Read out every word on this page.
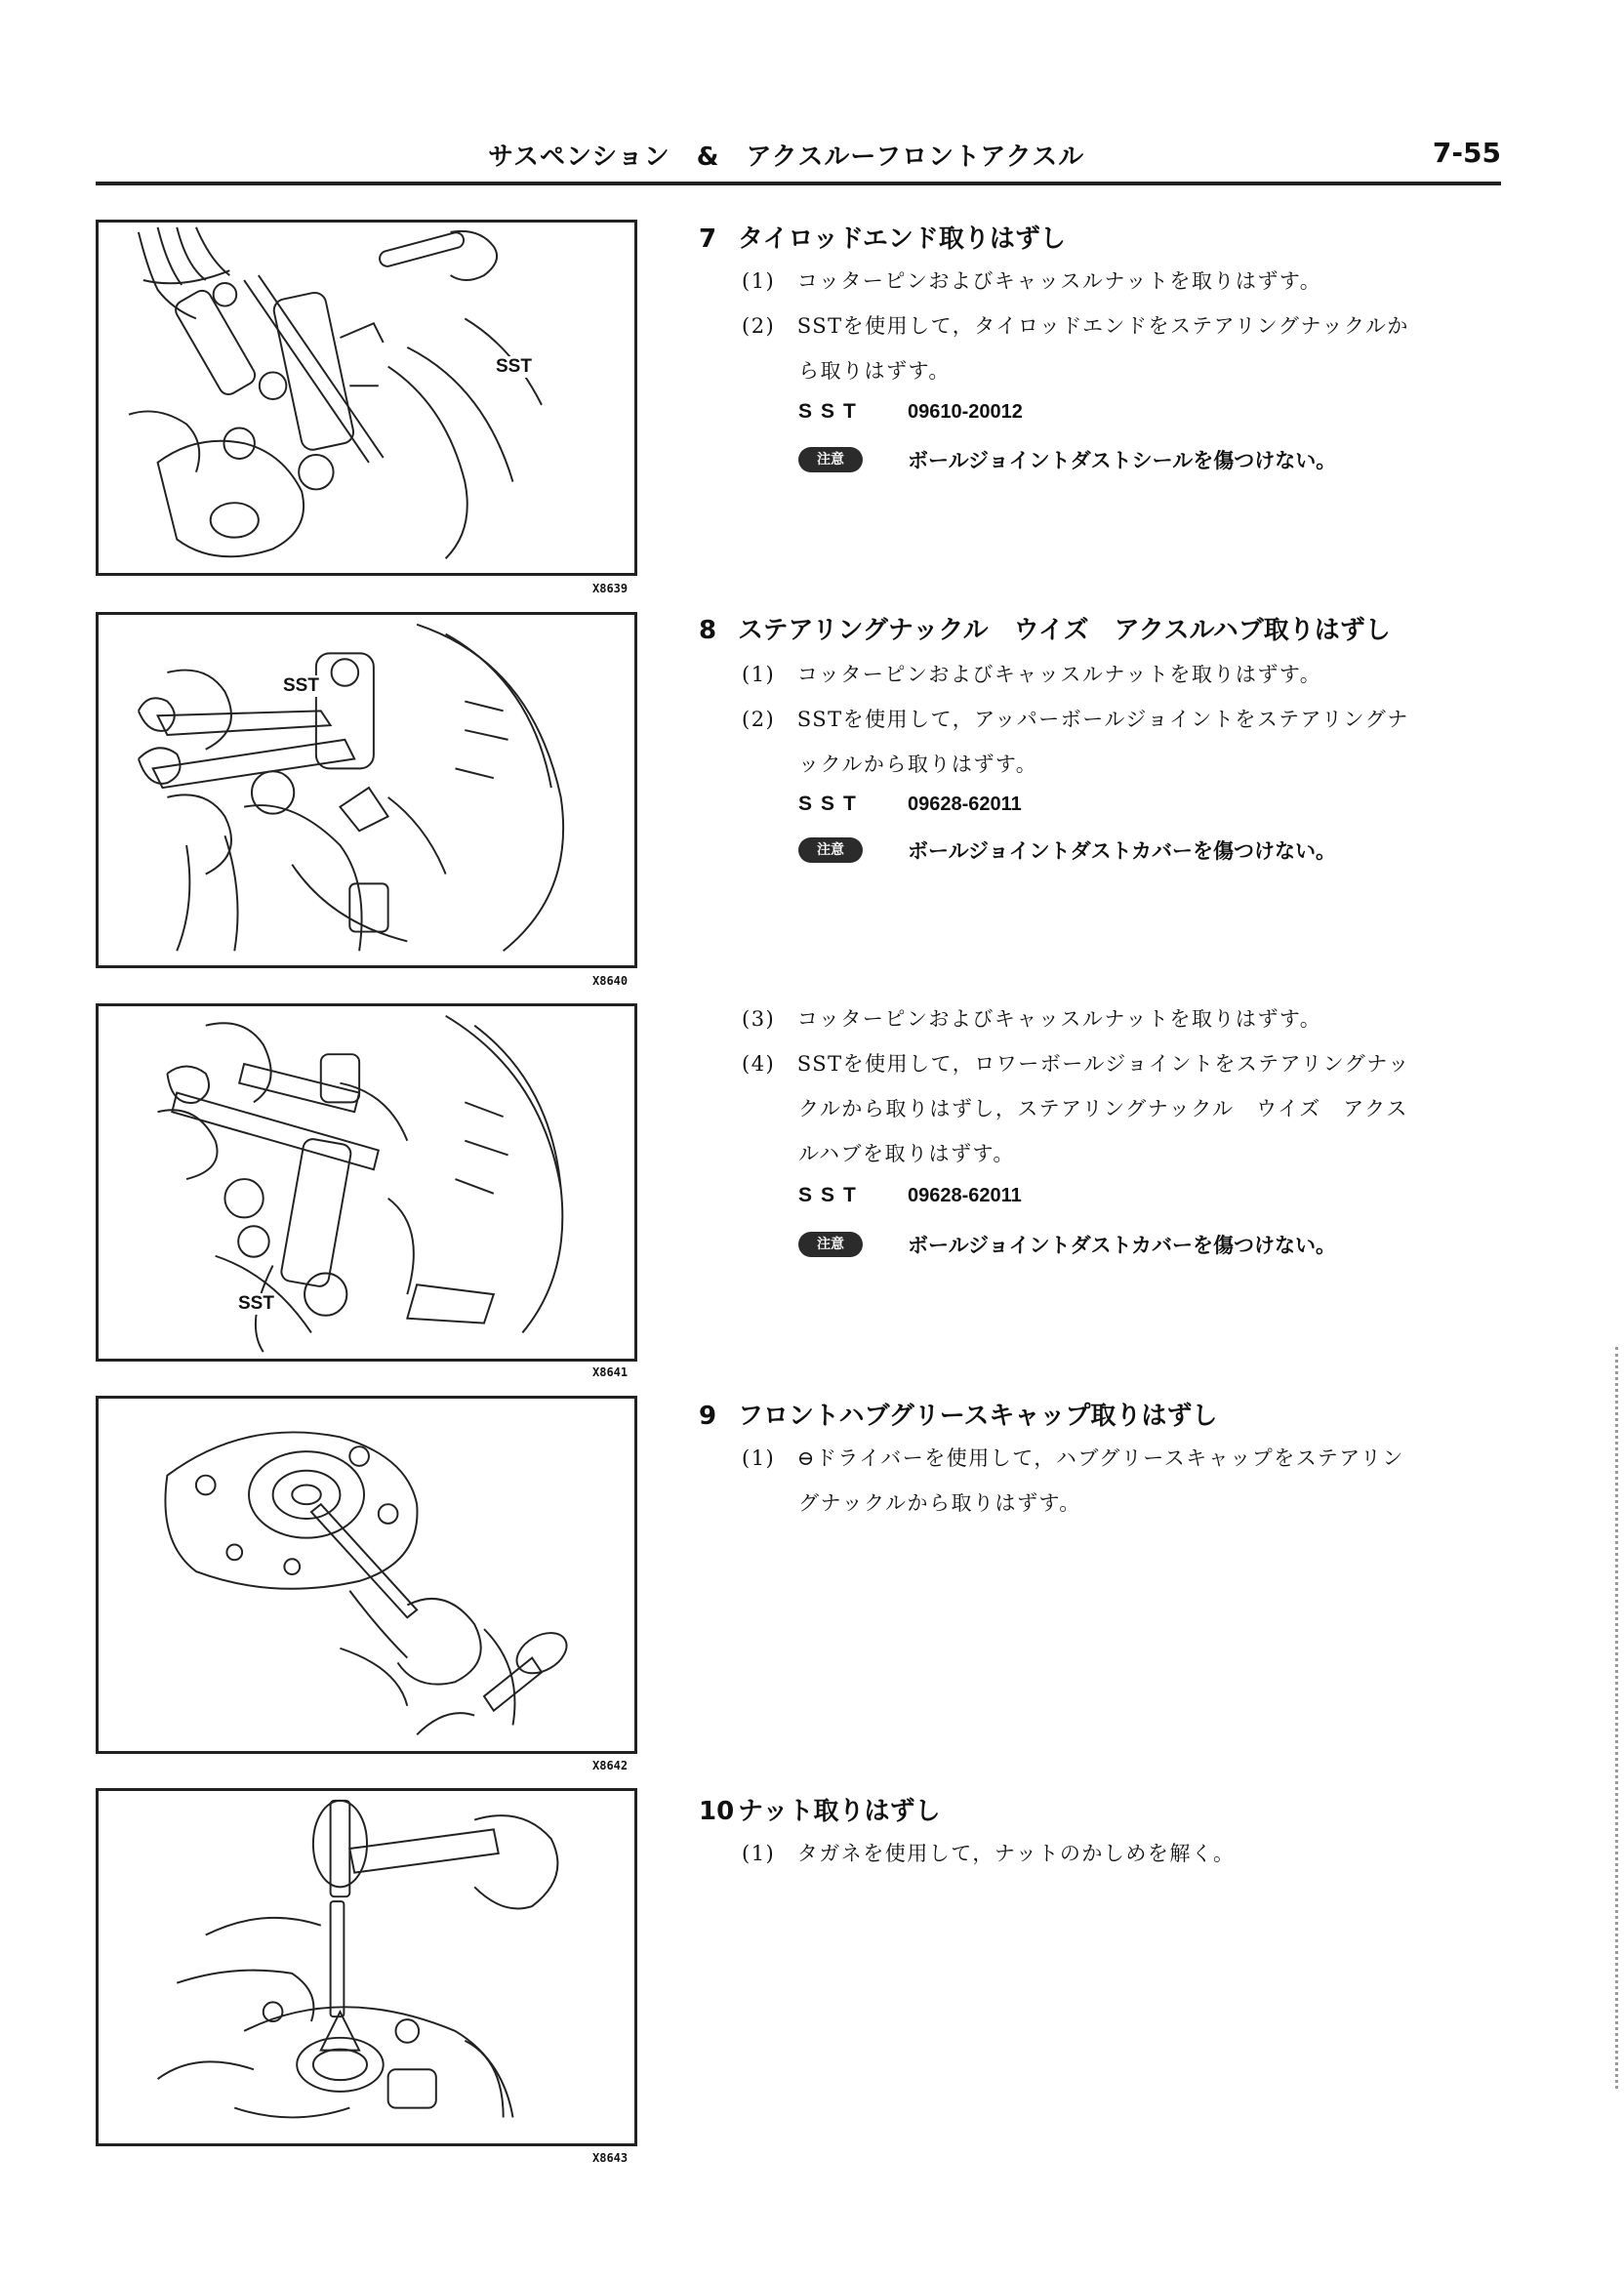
サスペンション　&　アクスルーフロントアクスル	7-55
SST
X8639
SST
X8640
SST
X8641
X8642
X8643
7 タイロッドエンド取りはずし
(1)　コッターピンおよびキャッスルナットを取りはずす。
(2)　SSTを使用して，タイロッドエンドをステアリングナックルか
ら取りはずす。
SST 09610-20012
注意	ボールジョイントダストシールを傷つけない。
8 ステアリングナックル　ウイズ　アクスルハブ取りはずし
(1)　コッターピンおよびキャッスルナットを取りはずす。
(2)　SSTを使用して，アッパーボールジョイントをステアリングナ
ックルから取りはずす。
SST 09628-62011
注意	ボールジョイントダストカバーを傷つけない。
(3)　コッターピンおよびキャッスルナットを取りはずす。
(4)　SSTを使用して，ロワーボールジョイントをステアリングナッ
クルから取りはずし，ステアリングナックル　ウイズ　アクス
ルハブを取りはずす。
SST 09628-62011
注意	ボールジョイントダストカバーを傷つけない。
9 フロントハブグリースキャップ取りはずし
(1)　⊖ドライバーを使用して，ハブグリースキャップをステアリン
グナックルから取りはずす。
10 ナット取りはずし
(1)　タガネを使用して，ナットのかしめを解く。
